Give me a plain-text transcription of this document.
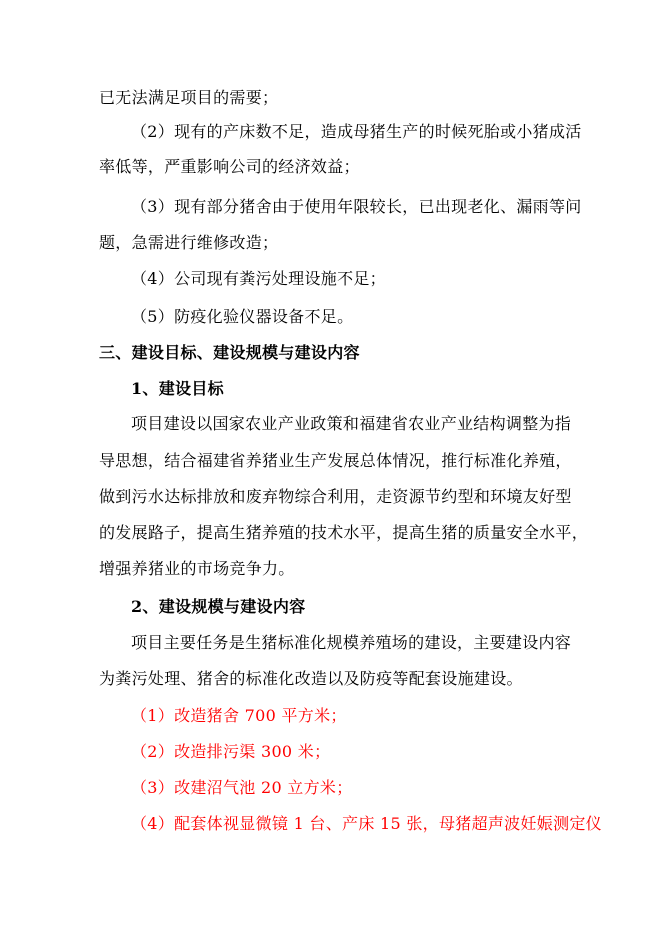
已无法满足项目的需要；
（2）现有的产床数不足，造成母猪生产的时候死胎或小猪成活
率低等，严重影响公司的经济效益；
（3）现有部分猪舍由于使用年限较长，已出现老化、漏雨等问
题，急需进行维修改造；
（4）公司现有粪污处理设施不足；
（5）防疫化验仪器设备不足。
三、建设目标、建设规模与建设内容
1、建设目标
项目建设以国家农业产业政策和福建省农业产业结构调整为指
导思想，结合福建省养猪业生产发展总体情况，推行标准化养殖，
做到污水达标排放和废弃物综合利用，走资源节约型和环境友好型
的发展路子，提高生猪养殖的技术水平，提高生猪的质量安全水平，
增强养猪业的市场竞争力。
2、建设规模与建设内容
项目主要任务是生猪标准化规模养殖场的建设，主要建设内容
为粪污处理、猪舍的标准化改造以及防疫等配套设施建设。
（1）改造猪舍 700 平方米；
（2）改造排污渠 300 米；
（3）改建沼气池 20 立方米；
（4）配套体视显微镜 1 台、产床 15 张，母猪超声波妊娠测定仪
